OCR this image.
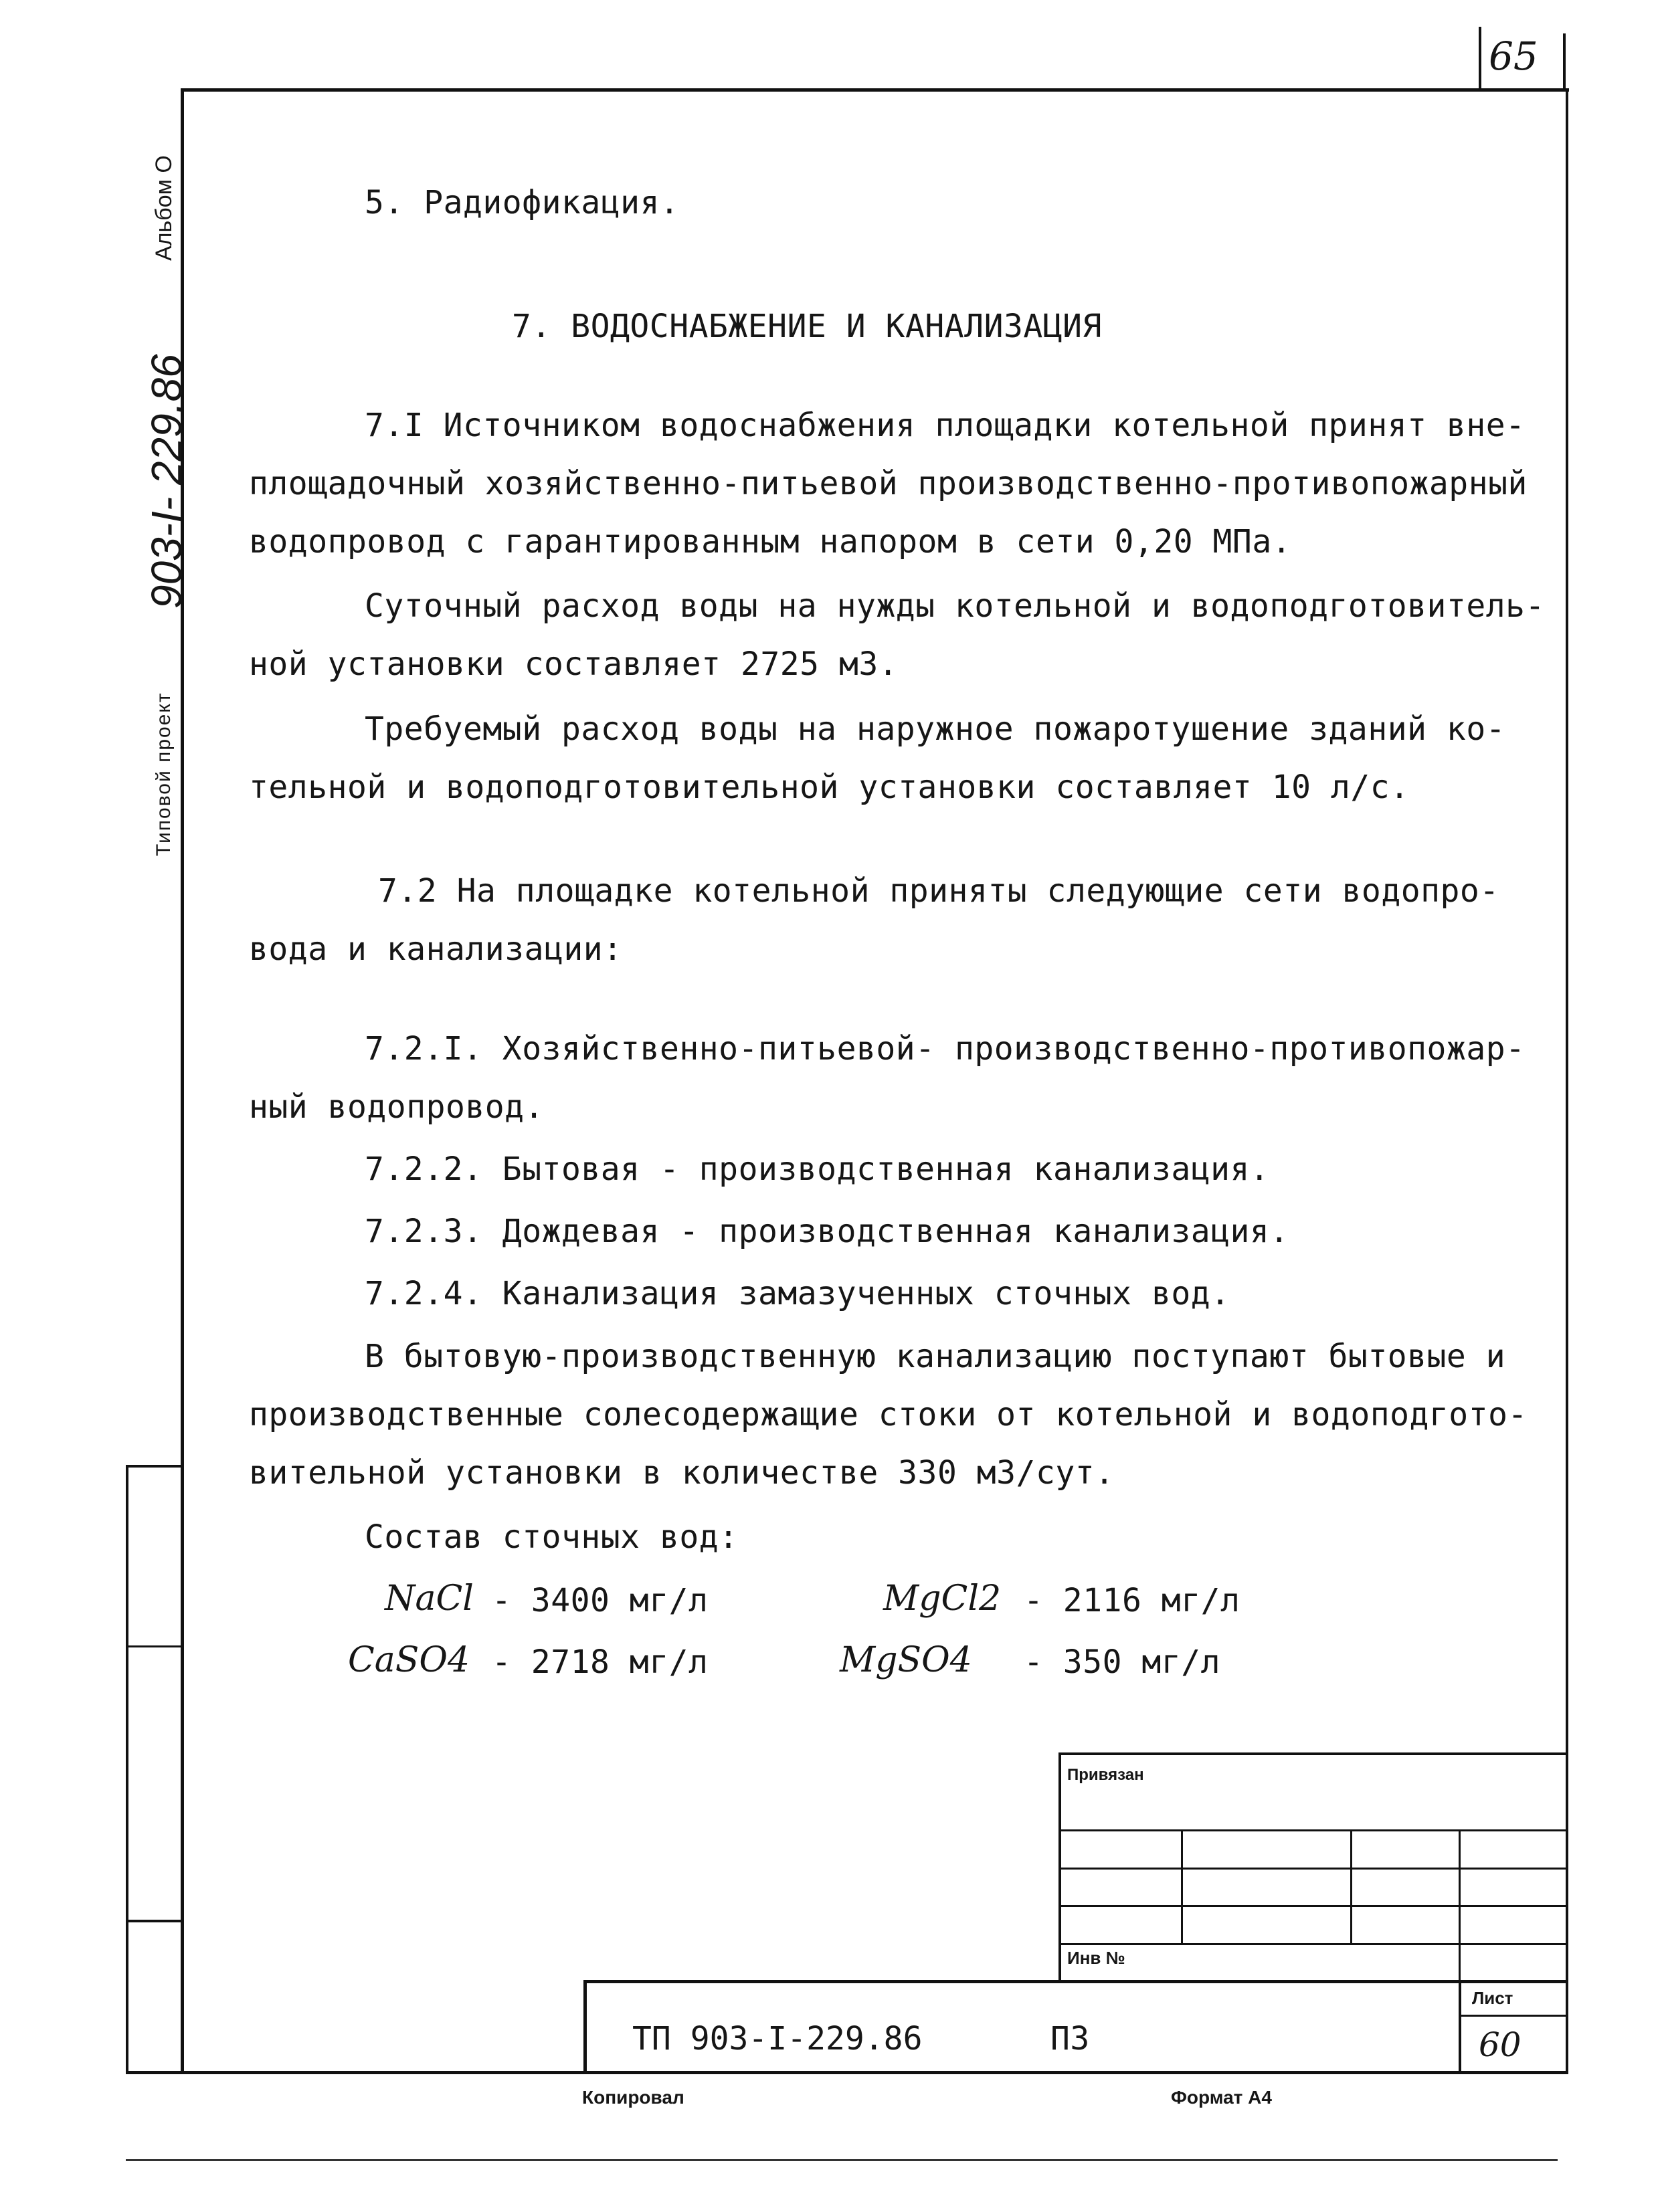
65
Альбом О
Типовой проект
903-I- 229.86
5. Радиофикация.
7. ВОДОСНАБЖЕНИЕ И КАНАЛИЗАЦИЯ
7.I Источником водоснабжения площадки котельной принят вне-
площадочный хозяйственно-питьевой производственно-противопожарный
водопровод с гарантированным напором в сети 0,20 МПа.
Суточный расход воды на нужды котельной и водоподготовитель-
ной установки составляет 2725 м3.
Требуемый расход воды на наружное пожаротушение зданий ко-
тельной и водоподготовительной установки составляет 10 л/с.
7.2 На площадке котельной приняты следующие сети водопро-
вода и канализации:
7.2.I. Хозяйственно-питьевой- производственно-противопожар-
ный водопровод.
7.2.2. Бытовая - производственная канализация.
7.2.3. Дождевая - производственная канализация.
7.2.4. Канализация замазученных сточных вод.
В бытовую-производственную канализацию поступают бытовые и
производственные солесодержащие стоки от котельной и водоподгото-
вительной установки в количестве 330 м3/сут.
Состав сточных вод:
NaCl - 3400 мг/л	MgCl2 - 2116 мг/л
CaSO4 - 2718 мг/л	MgSO4 - 350 мг/л
Привязан
Инв №
ТП 903-I-229.86	ПЗ
Лист
60
Копировал	Формат А4
